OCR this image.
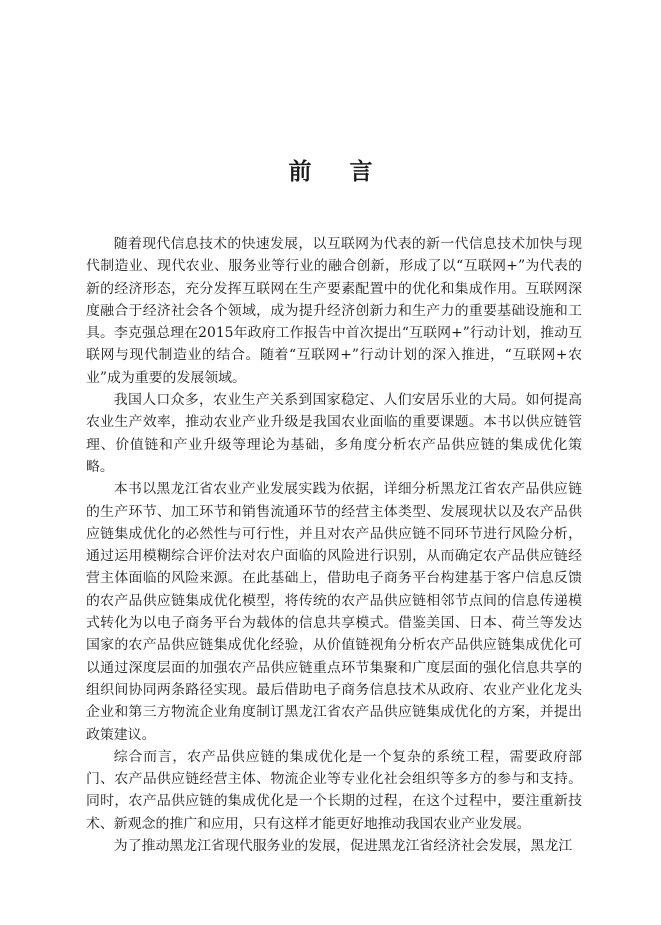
前 言

随着现代信息技术的快速发展，以互联网为代表的新一代信息技术加快与现代制造业、现代农业、服务业等行业的融合创新，形成了以“互联网+”为代表的新的经济形态，充分发挥互联网在生产要素配置中的优化和集成作用。互联网深度融合于经济社会各个领域，成为提升经济创新力和生产力的重要基础设施和工具。李克强总理在2015年政府工作报告中首次提出“互联网+”行动计划，推动互联网与现代制造业的结合。随着“互联网+”行动计划的深入推进，“互联网+农业”成为重要的发展领域。

我国人口众多，农业生产关系到国家稳定、人们安居乐业的大局。如何提高农业生产效率，推动农业产业升级是我国农业面临的重要课题。本书以供应链管理、价值链和产业升级等理论为基础，多角度分析农产品供应链的集成优化策略。

本书以黑龙江省农业产业发展实践为依据，详细分析黑龙江省农产品供应链的生产环节、加工环节和销售流通环节的经营主体类型、发展现状以及农产品供应链集成优化的必然性与可行性，并且对农产品供应链不同环节进行风险分析，通过运用模糊综合评价法对农户面临的风险进行识别，从而确定农产品供应链经营主体面临的风险来源。在此基础上，借助电子商务平台构建基于客户信息反馈的农产品供应链集成优化模型，将传统的农产品供应链相邻节点间的信息传递模式转化为以电子商务平台为载体的信息共享模式。借鉴美国、日本、荷兰等发达国家的农产品供应链集成优化经验，从价值链视角分析农产品供应链集成优化可以通过深度层面的加强农产品供应链重点环节集聚和广度层面的强化信息共享的组织间协同两条路径实现。最后借助电子商务信息技术从政府、农业产业化龙头企业和第三方物流企业角度制订黑龙江省农产品供应链集成优化的方案，并提出政策建议。

综合而言，农产品供应链的集成优化是一个复杂的系统工程，需要政府部门、农产品供应链经营主体、物流企业等专业化社会组织等多方的参与和支持。同时，农产品供应链的集成优化是一个长期的过程，在这个过程中，要注重新技术、新观念的推广和应用，只有这样才能更好地推动我国农业产业发展。

为了推动黑龙江省现代服务业的发展，促进黑龙江省经济社会发展，黑龙江
